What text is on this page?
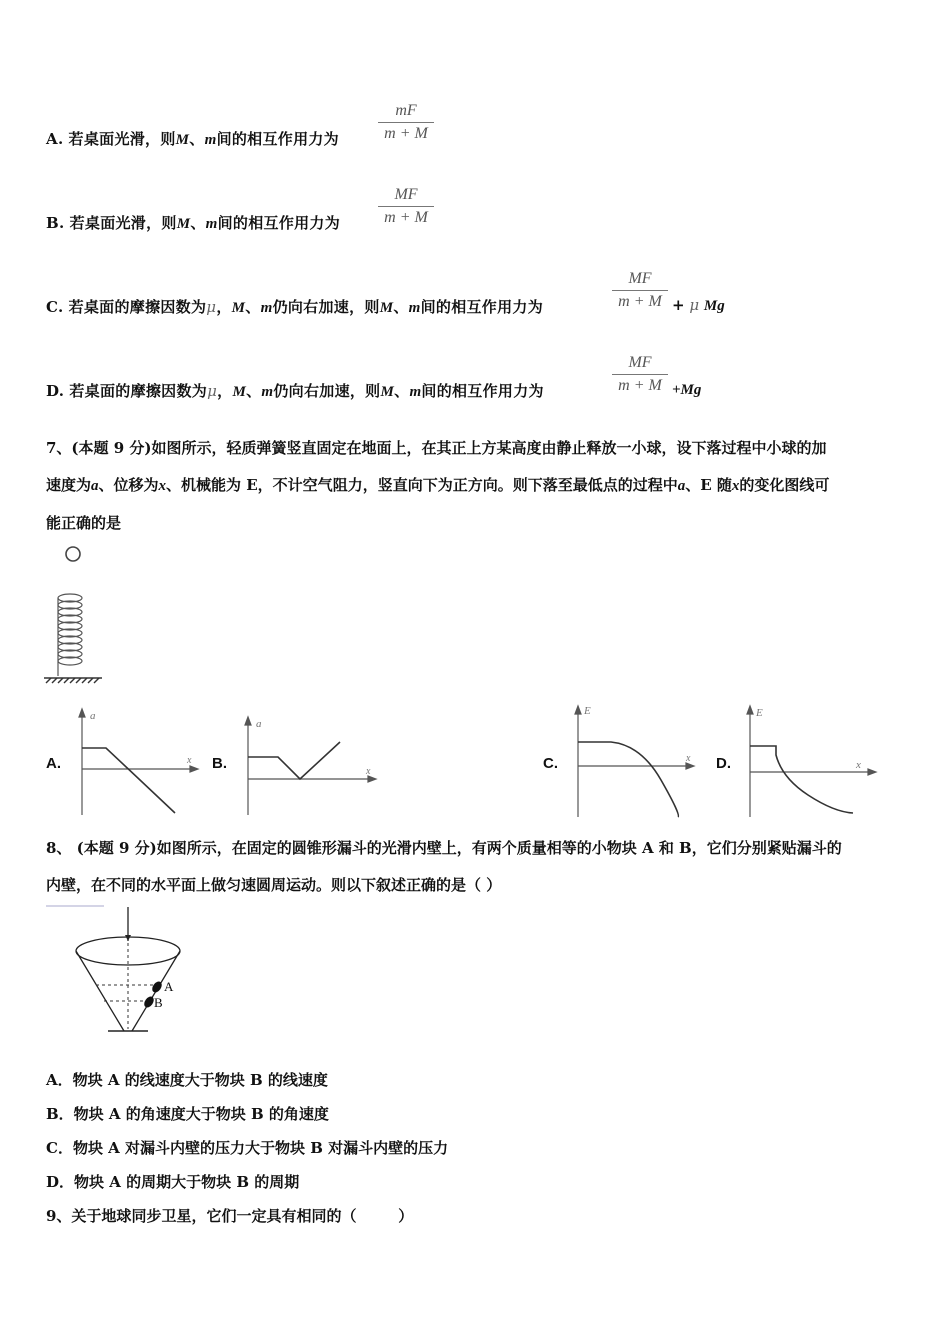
A. 若桌面光滑，则M、m间的相互作用力为
mF
m + M
B. 若桌面光滑，则M、m间的相互作用力为
MF
m + M
C. 若桌面的摩擦因数为μ，M、m仍向右加速，则M、m间的相互作用力为
MF
m + M + μ Mg
D. 若桌面的摩擦因数为μ，M、m仍向右加速，则M、m间的相互作用力为
MF
m + M +Mg
7、(本题 9 分)如图所示，轻质弹簧竖直固定在地面上，在其正上方某高度由静止释放一小球，设下落过程中小球的加
速度为a、位移为x、机械能为 E，不计空气阻力，竖直向下为正方向。则下落至最低点的过程中a、E 随x的变化图线可
能正确的是
A.	B.	C.	D.
a
x
a
x
E
x
E
x
8、 (本题 9 分)如图所示，在固定的圆锥形漏斗的光滑内壁上，有两个质量相等的小物块 A 和 B，它们分别紧贴漏斗的
内壁，在不同的水平面上做匀速圆周运动。则以下叙述正确的是（ ）
A
B
A．物块 A 的线速度大于物块 B 的线速度
B．物块 A 的角速度大于物块 B 的角速度
C．物块 A 对漏斗内壁的压力大于物块 B 对漏斗内壁的压力
D．物块 A 的周期大于物块 B 的周期
9、关于地球同步卫星，它们一定具有相同的（        ）
